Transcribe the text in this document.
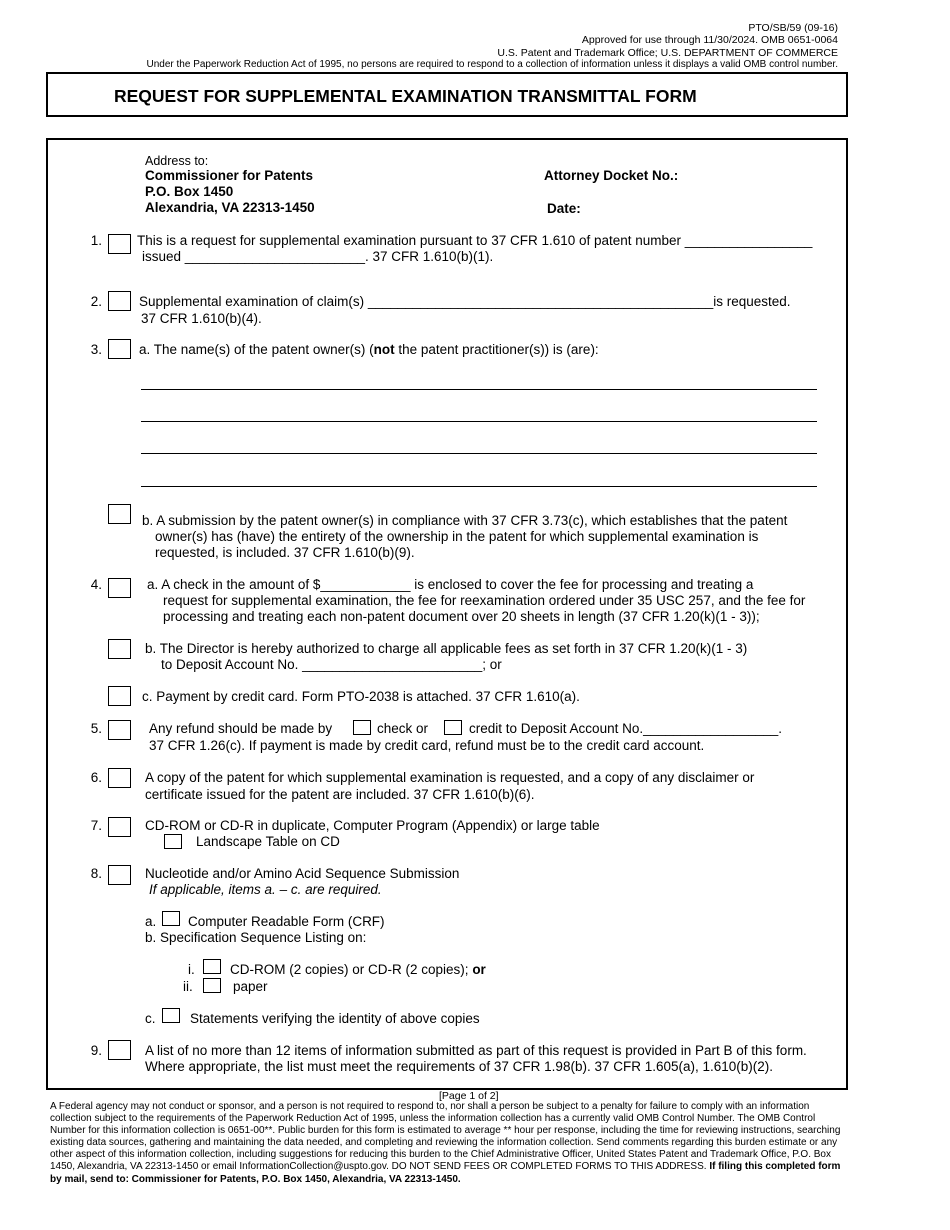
PTO/SB/59 (09-16)
Approved for use through 11/30/2024. OMB 0651-0064
U.S. Patent and Trademark Office; U.S. DEPARTMENT OF COMMERCE
Under the Paperwork Reduction Act of 1995, no persons are required to respond to a collection of information unless it displays a valid OMB control number.
REQUEST FOR SUPPLEMENTAL EXAMINATION TRANSMITTAL FORM
Address to:
Commissioner for Patents
P.O. Box 1450
Alexandria, VA 22313-1450
Attorney Docket No.:
Date:
1.	This is a request for supplemental examination pursuant to 37 CFR 1.610 of patent number _________________
issued ________________________. 37 CFR 1.610(b)(1).
2.	Supplemental examination of claim(s) ______________________________________________is requested.
37 CFR 1.610(b)(4).
3.	a. The name(s) of the patent owner(s) (not the patent practitioner(s)) is (are):
b. A submission by the patent owner(s) in compliance with 37 CFR 3.73(c), which establishes that the patent
owner(s) has (have) the entirety of the ownership in the patent for which supplemental examination is
requested, is included. 37 CFR 1.610(b)(9).
4.	a. A check in the amount of $____________ is enclosed to cover the fee for processing and treating a
request for supplemental examination, the fee for reexamination ordered under 35 USC 257, and the fee for
processing and treating each non-patent document over 20 sheets in length (37 CFR 1.20(k)(1 - 3));
b. The Director is hereby authorized to charge all applicable fees as set forth in 37 CFR 1.20(k)(1 - 3)
to Deposit Account No. ________________________; or
c. Payment by credit card. Form PTO-2038 is attached. 37 CFR 1.610(a).
5.	Any refund should be made by	check or	credit to Deposit Account No.__________________.
37 CFR 1.26(c). If payment is made by credit card, refund must be to the credit card account.
6.	A copy of the patent for which supplemental examination is requested, and a copy of any disclaimer or
certificate issued for the patent are included. 37 CFR 1.610(b)(6).
7.	CD-ROM or CD-R in duplicate, Computer Program (Appendix) or large table
Landscape Table on CD
8.	Nucleotide and/or Amino Acid Sequence Submission
If applicable, items a. – c. are required.
a. Computer Readable Form (CRF)
b. Specification Sequence Listing on:
i.	CD-ROM (2 copies) or CD-R (2 copies); or
ii.	paper
c.	Statements verifying the identity of above copies
9.	A list of no more than 12 items of information submitted as part of this request is provided in Part B of this form.
Where appropriate, the list must meet the requirements of 37 CFR 1.98(b). 37 CFR 1.605(a), 1.610(b)(2).
[Page 1 of 2]

A Federal agency may not conduct or sponsor, and a person is not required to respond to, nor shall a person be subject to a penalty for failure to comply with an information collection subject to the requirements of the Paperwork Reduction Act of 1995, unless the information collection has a currently valid OMB Control Number. The OMB Control Number for this information collection is 0651-00**. Public burden for this form is estimated to average ** hour per response, including the time for reviewing instructions, searching existing data sources, gathering and maintaining the data needed, and completing and reviewing the information collection. Send comments regarding this burden estimate or any other aspect of this information collection, including suggestions for reducing this burden to the Chief Administrative Officer, United States Patent and Trademark Office, P.O. Box 1450, Alexandria, VA 22313-1450 or email InformationCollection@uspto.gov. DO NOT SEND FEES OR COMPLETED FORMS TO THIS ADDRESS. If filing this completed form by mail, send to: Commissioner for Patents, P.O. Box 1450, Alexandria, VA 22313-1450.
